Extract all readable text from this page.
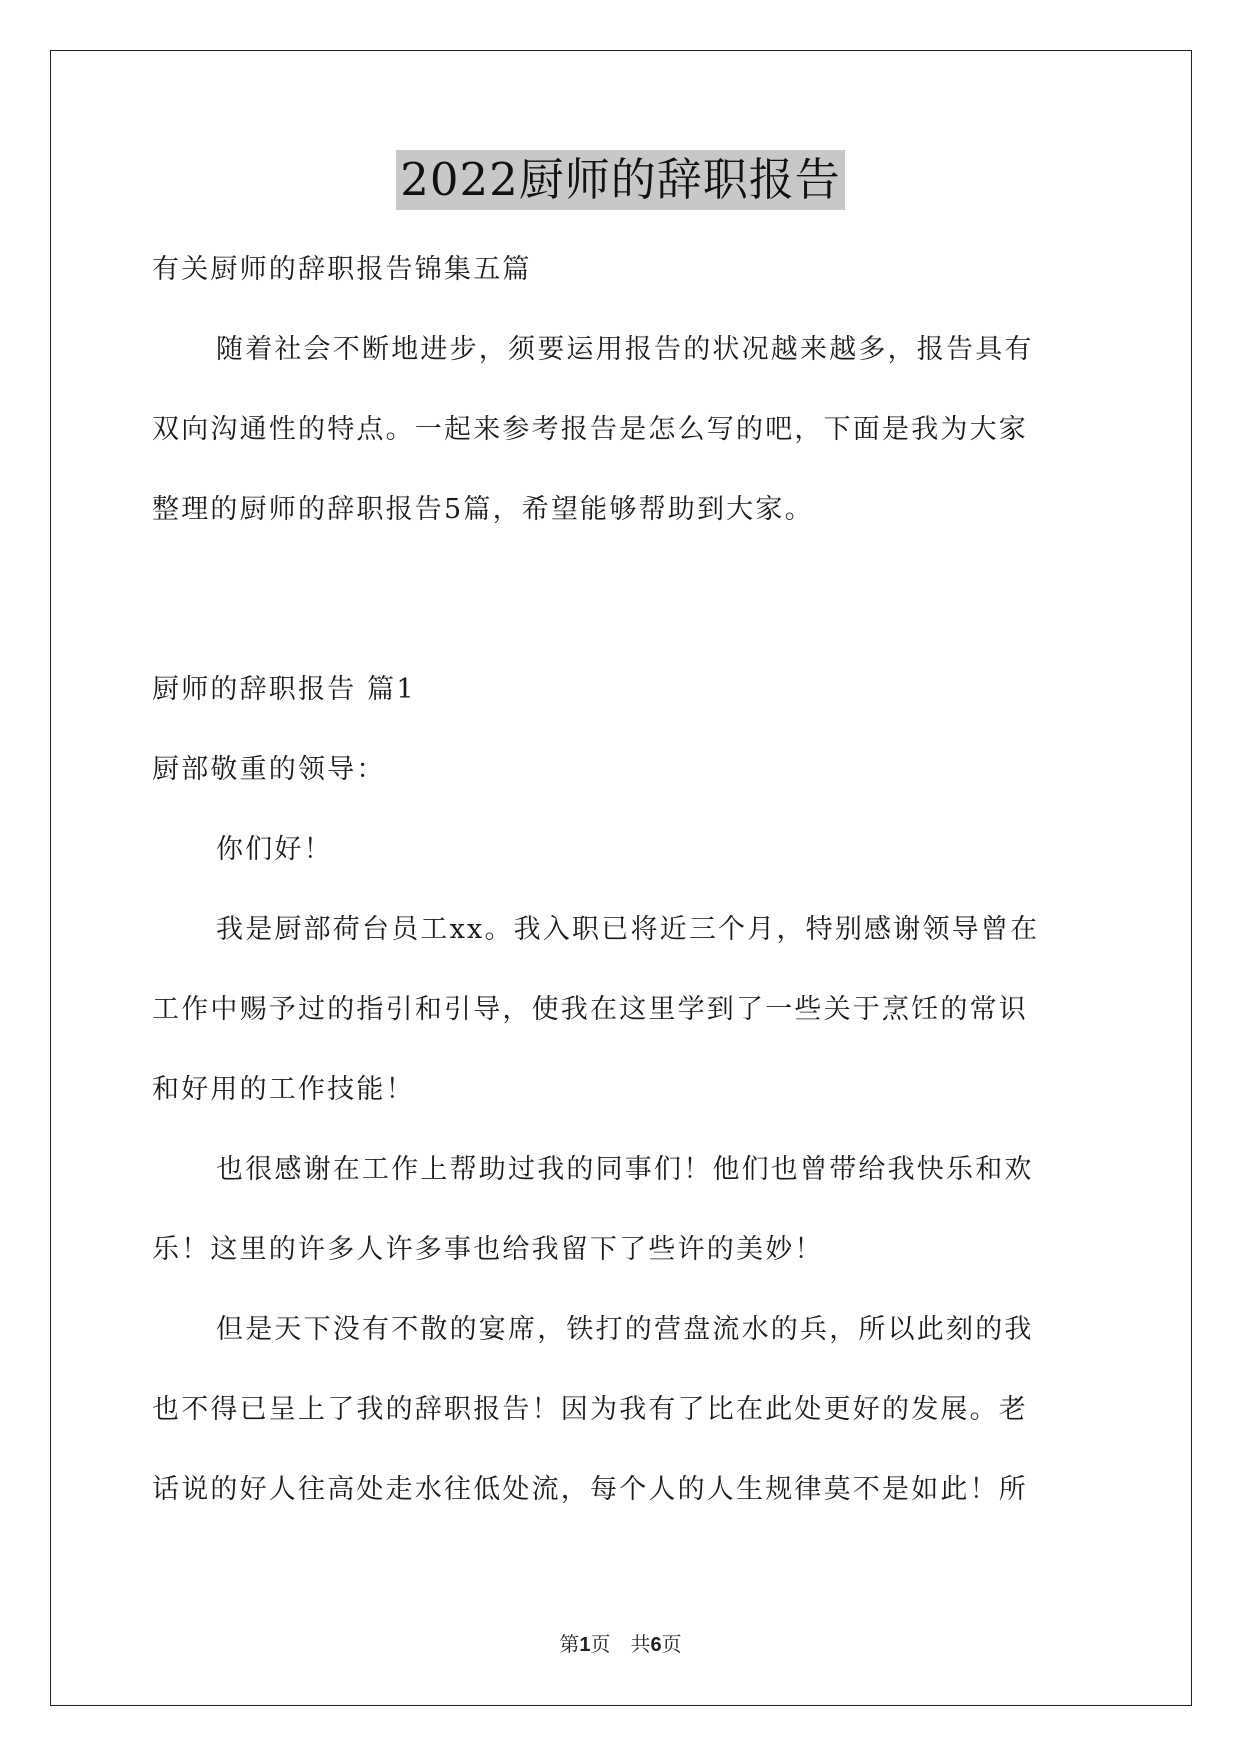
2022厨师的辞职报告
有关厨师的辞职报告锦集五篇
随着社会不断地进步，须要运用报告的状况越来越多，报告具有
双向沟通性的特点。一起来参考报告是怎么写的吧，下面是我为大家
整理的厨师的辞职报告5篇，希望能够帮助到大家。
厨师的辞职报告 篇1
厨部敬重的领导：
你们好！
我是厨部荷台员工xx。我入职已将近三个月，特别感谢领导曾在
工作中赐予过的指引和引导，使我在这里学到了一些关于烹饪的常识
和好用的工作技能！
也很感谢在工作上帮助过我的同事们！他们也曾带给我快乐和欢
乐！这里的许多人许多事也给我留下了些许的美妙！
但是天下没有不散的宴席，铁打的营盘流水的兵，所以此刻的我
也不得已呈上了我的辞职报告！因为我有了比在此处更好的发展。老
话说的好人往高处走水往低处流，每个人的人生规律莫不是如此！所
第1页 共6页
